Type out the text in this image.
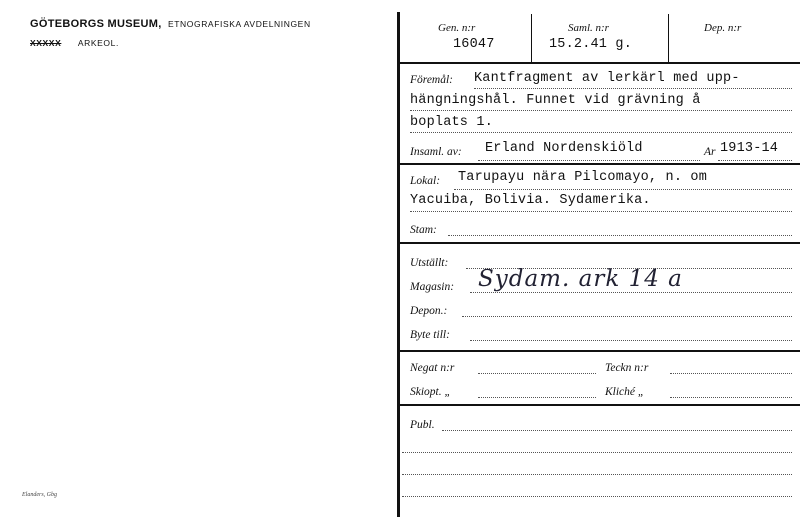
GÖTEBORGS MUSEUM, ETNOGRAFISKA AVDELNINGEN
XXXXX ARKEOL.
Elanders, Gbg
Gen. n:r
16047
Saml. n:r
15.2.41 g.
Dep. n:r
Föremål: Kantfragment av lerkärl med upp-
hängningshål. Funnet vid grävning å
boplats 1.
Insaml. av: Erland Nordenskiöld	Ar 1913-14
Lokal: Tarupayu nära Pilcomayo, n. om
Yacuiba, Bolivia. Sydamerika.
Stam:
Utställt:
Magasin: Sydam. ark 14 a
Depon.:
Byte till:
Negat n:r	Teckn n:r
Skiopt. „	Kliché „
Publ.
